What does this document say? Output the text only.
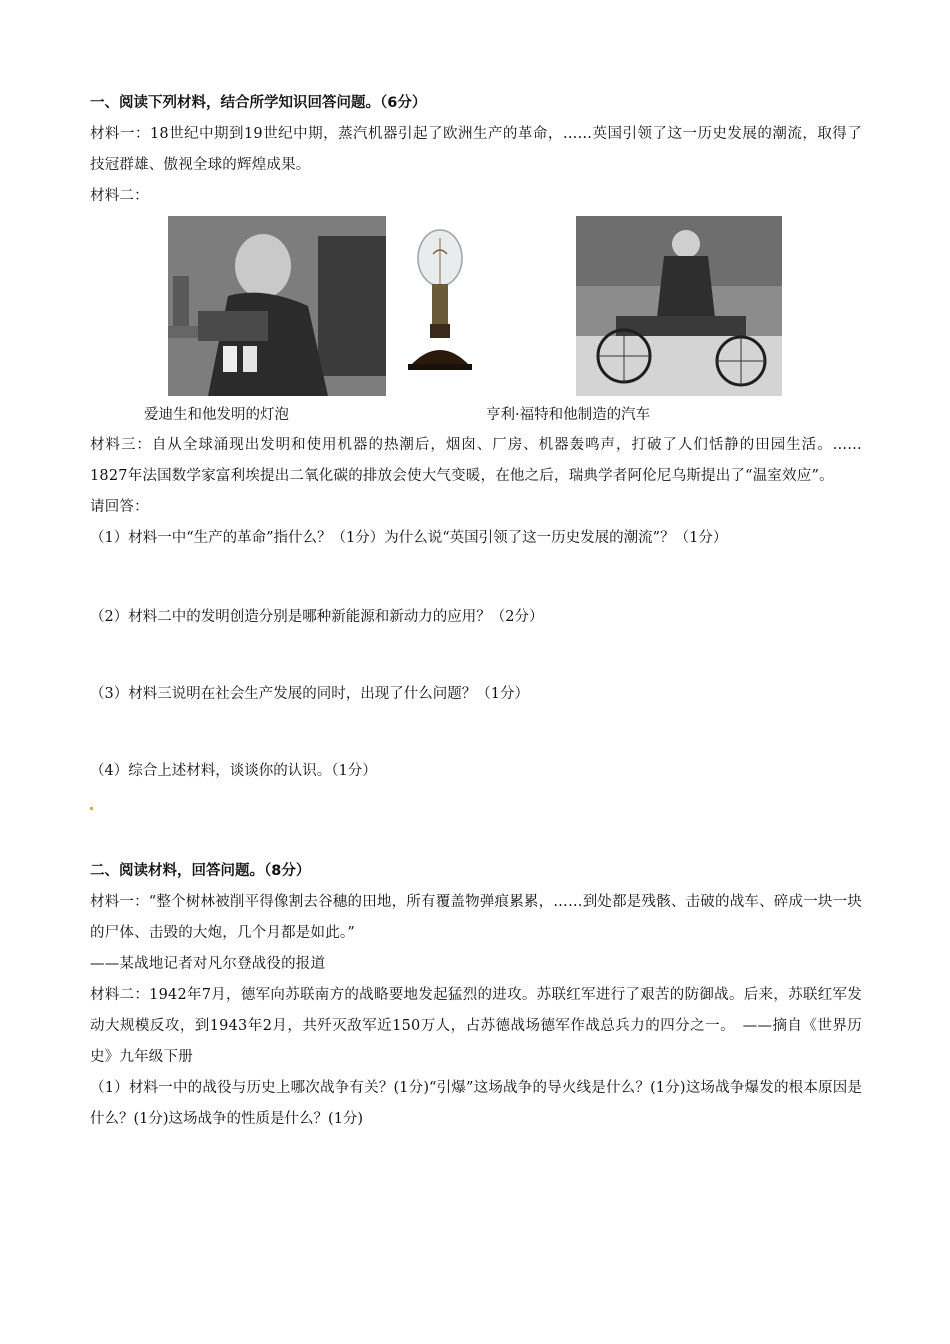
一、阅读下列材料，结合所学知识回答问题。（6分）

材料一：18世纪中期到19世纪中期，蒸汽机器引起了欧洲生产的革命，……英国引领了这一历史发展的潮流，取得了技冠群雄、傲视全球的辉煌成果。

材料二：

爱迪生和他发明的灯泡	亨利·福特和他制造的汽车

材料三：自从全球涌现出发明和使用机器的热潮后，烟囱、厂房、机器轰鸣声，打破了人们恬静的田园生活。……1827年法国数学家富利埃提出二氧化碳的排放会使大气变暖，在他之后，瑞典学者阿伦尼乌斯提出了“温室效应”。

请回答：

（1）材料一中“生产的革命”指什么？（1分）为什么说“英国引领了这一历史发展的潮流”？（1分）

（2）材料二中的发明创造分别是哪种新能源和新动力的应用？（2分）

（3）材料三说明在社会生产发展的同时，出现了什么问题？（1分）

（4）综合上述材料，谈谈你的认识。（1分）

二、阅读材料，回答问题。（8分）

材料一：“整个树林被削平得像割去谷穗的田地，所有覆盖物弹痕累累，……到处都是残骸、击破的战车、碎成一块一块的尸体、击毁的大炮，几个月都是如此。”

——某战地记者对凡尔登战役的报道

材料二：1942年7月，德军向苏联南方的战略要地发起猛烈的进攻。苏联红军进行了艰苦的防御战。后来，苏联红军发动大规模反攻，到1943年2月，共歼灭敌军近150万人，占苏德战场德军作战总兵力的四分之一。　——摘自《世界历史》九年级下册

（1）材料一中的战役与历史上哪次战争有关？(1分)“引爆”这场战争的导火线是什么？(1分)这场战争爆发的根本原因是什么？(1分)这场战争的性质是什么？(1分)
